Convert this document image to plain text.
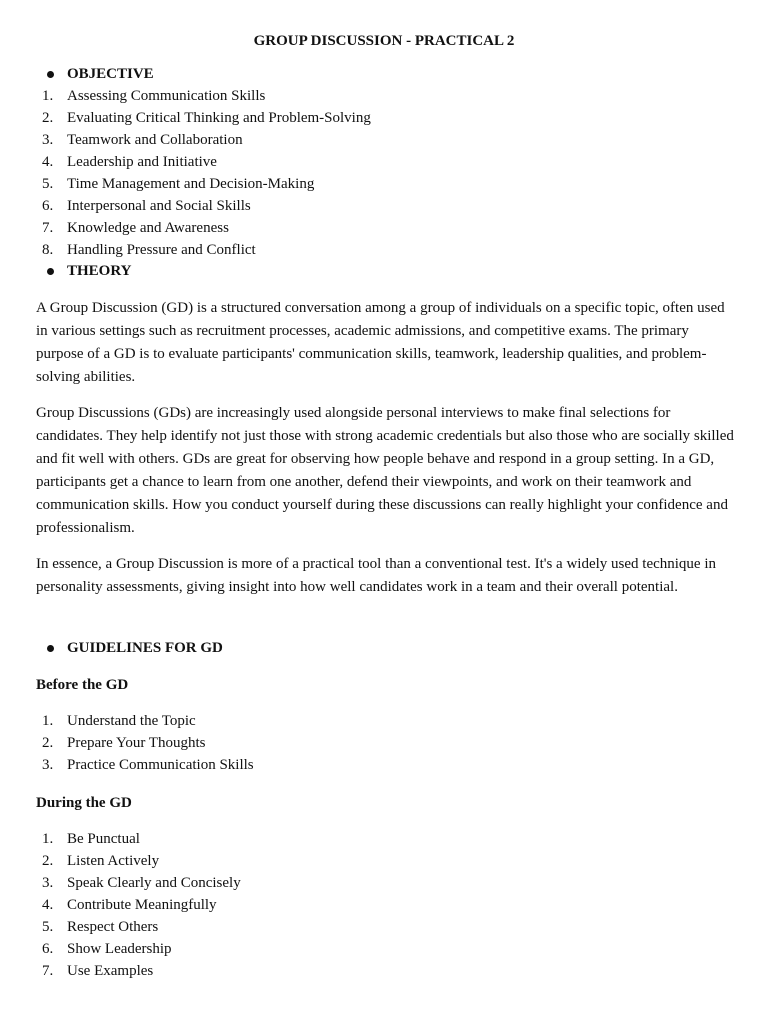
GROUP DISCUSSION - PRACTICAL 2
OBJECTIVE
1. Assessing Communication Skills
2. Evaluating Critical Thinking and Problem-Solving
3. Teamwork and Collaboration
4. Leadership and Initiative
5. Time Management and Decision-Making
6. Interpersonal and Social Skills
7. Knowledge and Awareness
8. Handling Pressure and Conflict
THEORY

A Group Discussion (GD) is a structured conversation among a group of individuals on a specific topic, often used in various settings such as recruitment processes, academic admissions, and competitive exams. The primary purpose of a GD is to evaluate participants' communication skills, teamwork, leadership qualities, and problem-solving abilities.

Group Discussions (GDs) are increasingly used alongside personal interviews to make final selections for candidates. They help identify not just those with strong academic credentials but also those who are socially skilled and fit well with others. GDs are great for observing how people behave and respond in a group setting. In a GD, participants get a chance to learn from one another, defend their viewpoints, and work on their teamwork and communication skills. How you conduct yourself during these discussions can really highlight your confidence and professionalism.

In essence, a Group Discussion is more of a practical tool than a conventional test. It's a widely used technique in personality assessments, giving insight into how well candidates work in a team and their overall potential.

GUIDELINES FOR GD
Before the GD
1. Understand the Topic
2. Prepare Your Thoughts
3. Practice Communication Skills
During the GD
1. Be Punctual
2. Listen Actively
3. Speak Clearly and Concisely
4. Contribute Meaningfully
5. Respect Others
6. Show Leadership
7. Use Examples
